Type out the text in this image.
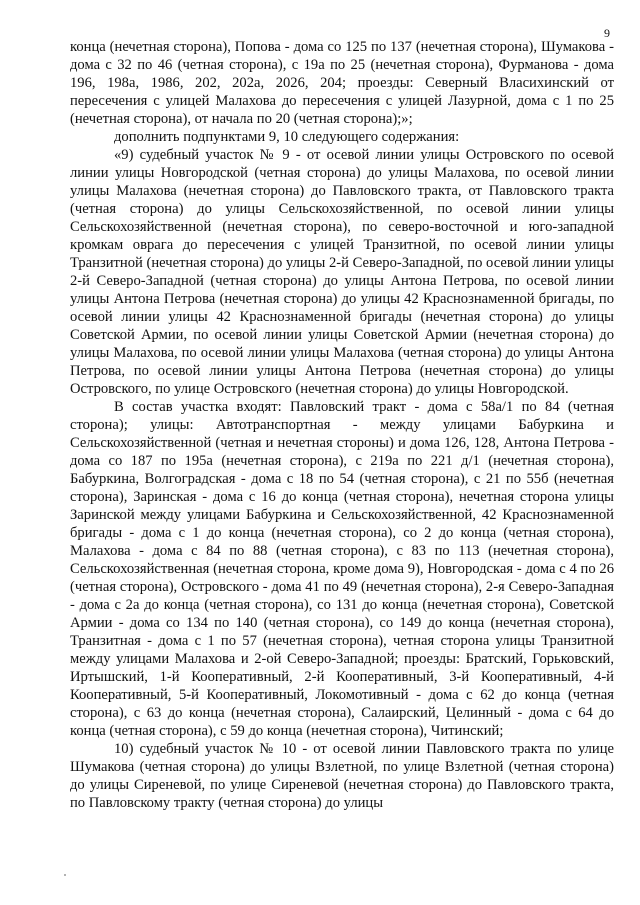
9

конца (нечетная сторона), Попова - дома со 125 по 137 (нечетная сторона), Шумакова - дома с 32 по 46 (четная сторона), с 19а по 25 (нечетная сторона), Фурманова - дома 196, 198а, 1986, 202, 202а, 2026, 204; проезды: Северный Власихинский от пересечения с улицей Малахова до пересечения с улицей Лазурной, дома с 1 по 25 (нечетная сторона), от начала по 20 (четная сторона);»;

дополнить подпунктами 9, 10 следующего содержания:

«9) судебный участок № 9 - от осевой линии улицы Островского по осевой линии улицы Новгородской (четная сторона) до улицы Малахова, по осевой линии улицы Малахова (нечетная сторона) до Павловского тракта, от Павловского тракта (четная сторона) до улицы Сельскохозяйственной, по осевой линии улицы Сельскохозяйственной (нечетная сторона), по северо-восточной и юго-западной кромкам оврага до пересечения с улицей Транзитной, по осевой линии улицы Транзитной (нечетная сторона) до улицы 2-й Северо-Западной, по осевой линии улицы 2-й Северо-Западной (четная сторона) до улицы Антона Петрова, по осевой линии улицы Антона Петрова (нечетная сторона) до улицы 42 Краснознаменной бригады, по осевой линии улицы 42 Краснознаменной бригады (нечетная сторона) до улицы Советской Армии, по осевой линии улицы Советской Армии (нечетная сторона) до улицы Малахова, по осевой линии улицы Малахова (четная сторона) до улицы Антона Петрова, по осевой линии улицы Антона Петрова (нечетная сторона) до улицы Островского, по улице Островского (нечетная сторона) до улицы Новгородской.

В состав участка входят: Павловский тракт - дома с 58а/1 по 84 (четная сторона); улицы: Автотранспортная - между улицами Бабуркина и Сельскохозяйственной (четная и нечетная стороны) и дома 126, 128, Антона Петрова - дома со 187 по 195а (нечетная сторона), с 219а по 221 д/1 (нечетная сторона), Бабуркина, Волгоградская - дома с 18 по 54 (четная сторона), с 21 по 55б (нечетная сторона), Заринская - дома с 16 до конца (четная сторона), нечетная сторона улицы Заринской между улицами Бабуркина и Сельскохозяйственной, 42 Краснознаменной бригады - дома с 1 до конца (нечетная сторона), со 2 до конца (четная сторона), Малахова - дома с 84 по 88 (четная сторона), с 83 по 113 (нечетная сторона), Сельскохозяйственная (нечетная сторона, кроме дома 9), Новгородская - дома с 4 по 26 (четная сторона), Островского - дома 41 по 49 (нечетная сторона), 2-я Северо-Западная - дома с 2а до конца (четная сторона), со 131 до конца (нечетная сторона), Советской Армии - дома со 134 по 140 (четная сторона), со 149 до конца (нечетная сторона), Транзитная - дома с 1 по 57 (нечетная сторона), четная сторона улицы Транзитной между улицами Малахова и 2-ой Северо-Западной; проезды: Братский, Горьковский, Иртышский, 1-й Кооперативный, 2-й Кооперативный, 3-й Кооперативный, 4-й Кооперативный, 5-й Кооперативный, Локомотивный - дома с 62 до конца (четная сторона), с 63 до конца (нечетная сторона), Салаирский, Целинный - дома с 64 до конца (четная сторона), с 59 до конца (нечетная сторона), Читинский;

10) судебный участок № 10 - от осевой линии Павловского тракта по улице Шумакова (четная сторона) до улицы Взлетной, по улице Взлетной (четная сторона) до улицы Сиреневой, по улице Сиреневой (нечетная сторона) до Павловского тракта, по Павловскому тракту (четная сторона) до улицы
